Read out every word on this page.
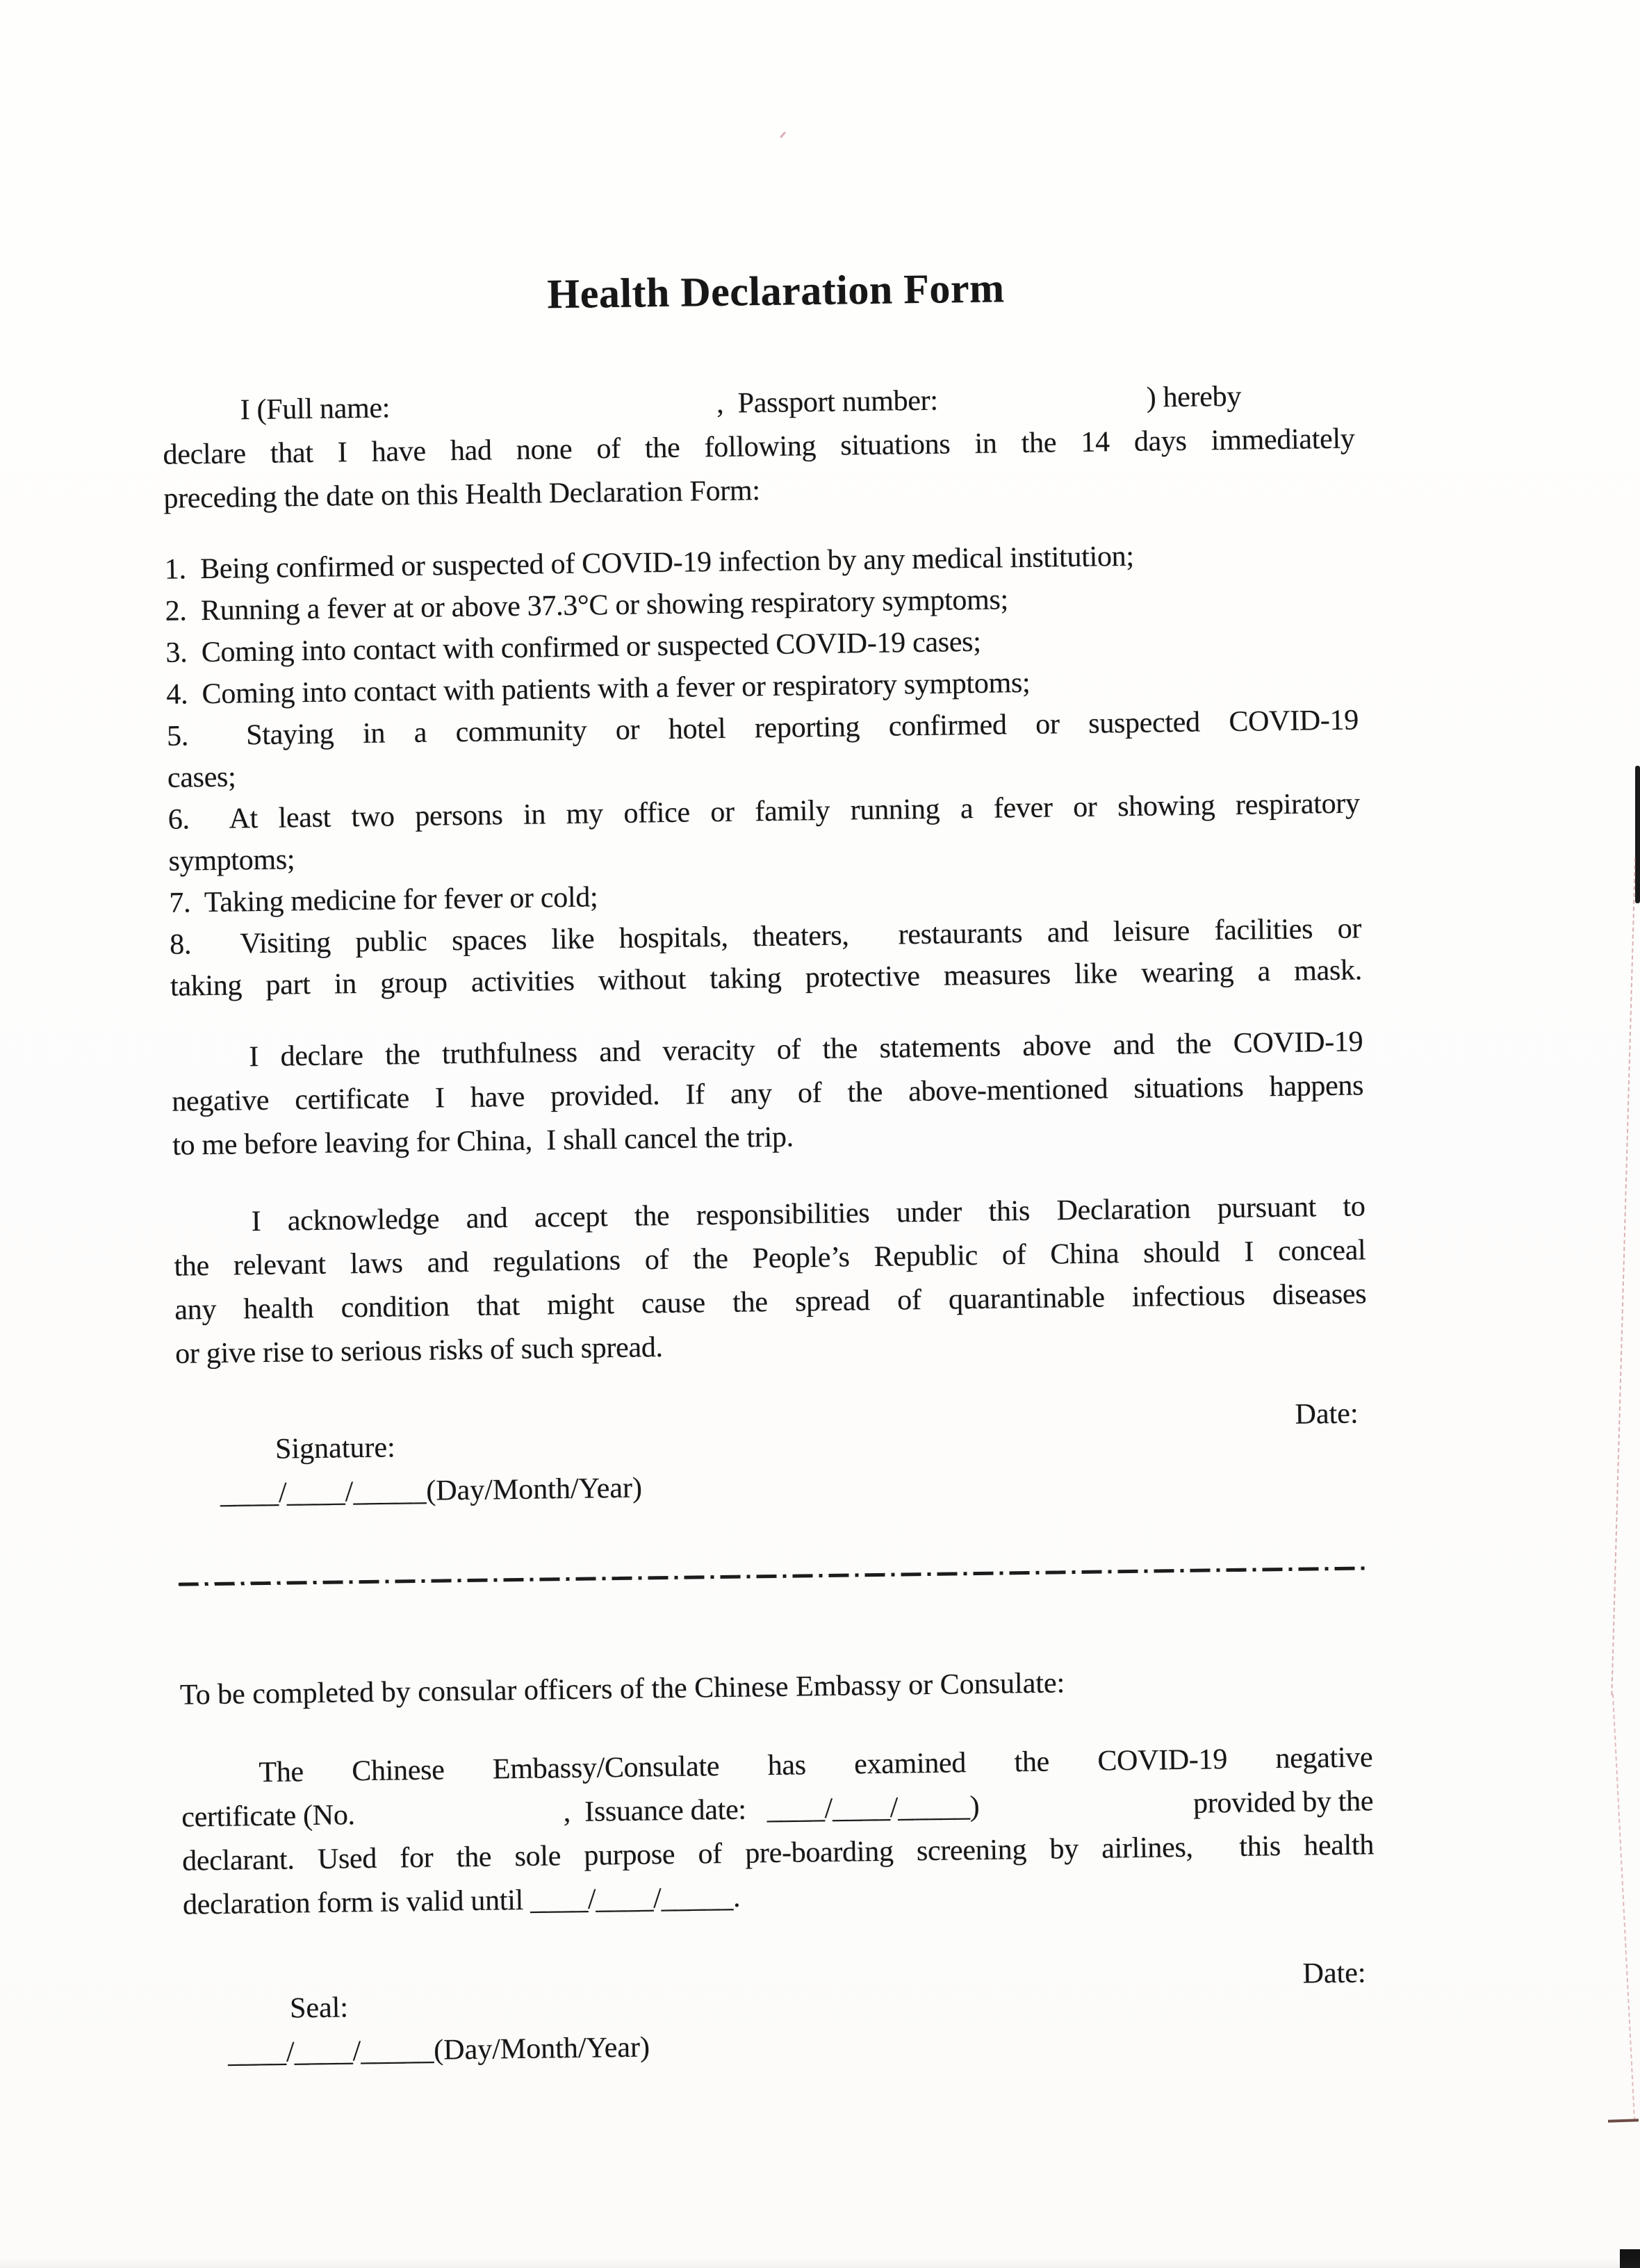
Health Declaration Form
I (Full name:	,  Passport number:	) hereby
declare that I have had none of the following situations in the 14 days immediately
preceding the date on this Health Declaration Form:
1.  Being confirmed or suspected of COVID-19 infection by any medical institution;
2.  Running a fever at or above 37.3°C or showing respiratory symptoms;
3.  Coming into contact with confirmed or suspected COVID-19 cases;
4.  Coming into contact with patients with a fever or respiratory symptoms;
5.  Staying in a community or hotel reporting confirmed or suspected COVID-19
cases;
6.  At least two persons in my office or family running a fever or showing respiratory
symptoms;
7.  Taking medicine for fever or cold;
8.  Visiting public spaces like hospitals, theaters,  restaurants and leisure facilities or
taking part in group activities without taking protective measures like wearing a mask.
I declare the truthfulness and veracity of the statements above and the COVID-19
negative certificate I have provided. If any of the above-mentioned situations happens
to me before leaving for China,  I shall cancel the trip.
I acknowledge and accept the responsibilities under this Declaration pursuant to
the relevant laws and regulations of the People’s Republic of China should I conceal
any health condition that might cause the spread of quarantinable infectious diseases
or give rise to serious risks of such spread.
Signature:
Date:
____/____/_____(Day/Month/Year)
To be completed by consular officers of the Chinese Embassy or Consulate:
The Chinese Embassy/Consulate has examined the COVID-19 negative
certificate (No.	,  Issuance date: ____/____/_____)	provided by the
declarant. Used for the sole purpose of pre-boarding screening by airlines,  this health
declaration form is valid until ____/____/_____.
Seal:
Date:
____/____/_____(Day/Month/Year)
